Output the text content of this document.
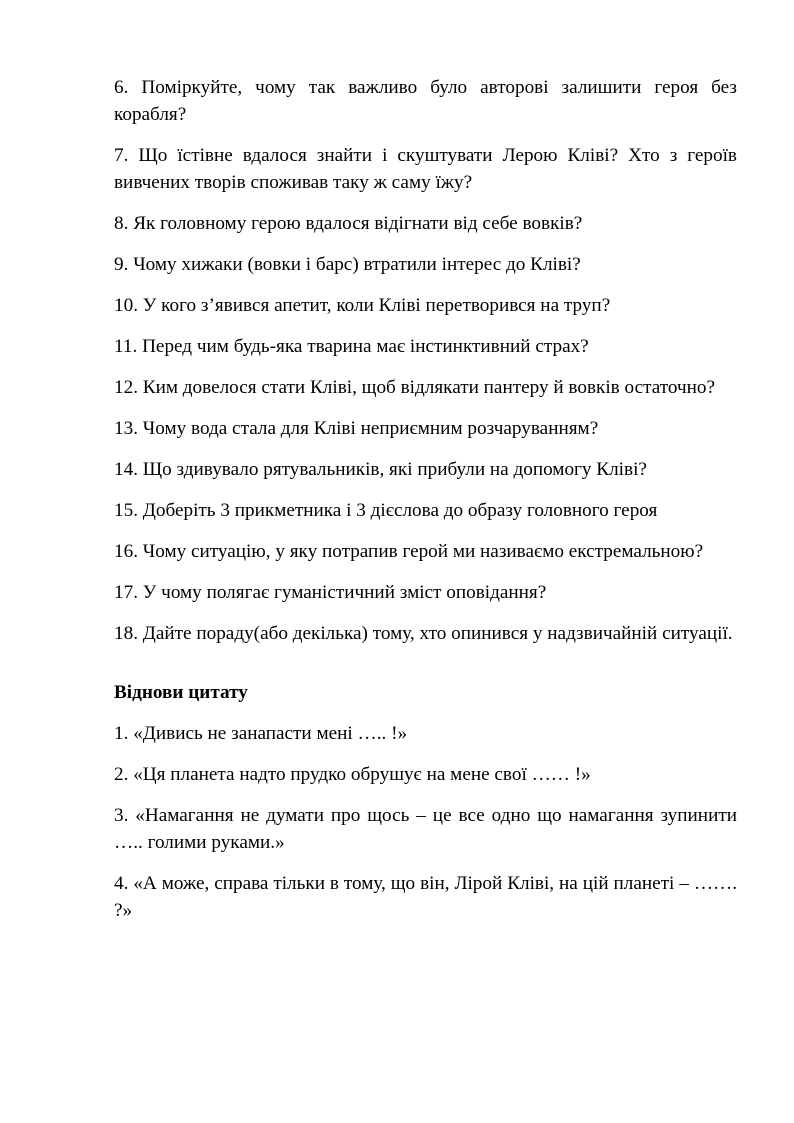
6. Поміркуйте, чому так важливо було авторові залишити героя без корабля?

7. Що їстівне вдалося знайти і скуштувати Лерою Кліві? Хто з героїв вивчених творів споживав таку ж саму їжу?

8. Як головному герою вдалося відігнати від себе вовків?

9. Чому хижаки (вовки і барс) втратили інтерес до Кліві?

10. У кого з’явився апетит, коли Кліві перетворився на труп?

11. Перед чим будь-яка тварина має інстинктивний страх?

12. Ким довелося стати Кліві, щоб відлякати пантеру й вовків остаточно?

13. Чому вода стала для Кліві неприємним розчаруванням?

14. Що здивувало рятувальників, які прибули на допомогу Кліві?

15. Доберіть 3 прикметника і 3 дієслова до образу головного героя

16. Чому ситуацію, у яку потрапив герой ми називаємо екстремальною?

17. У чому полягає гуманістичний зміст оповідання?

18. Дайте пораду(або декілька) тому, хто опинився у надзвичайній ситуації.

Віднови цитату

1. «Дивись не занапасти мені ….. !»

2. «Ця планета надто прудко обрушує на мене свої …… !»

3. «Намагання не думати про щось – це все одно що намагання зупинити ….. голими руками.»

4. «А може, справа тільки в тому, що він, Лірой Кліві, на цій планеті – ……. ?»
